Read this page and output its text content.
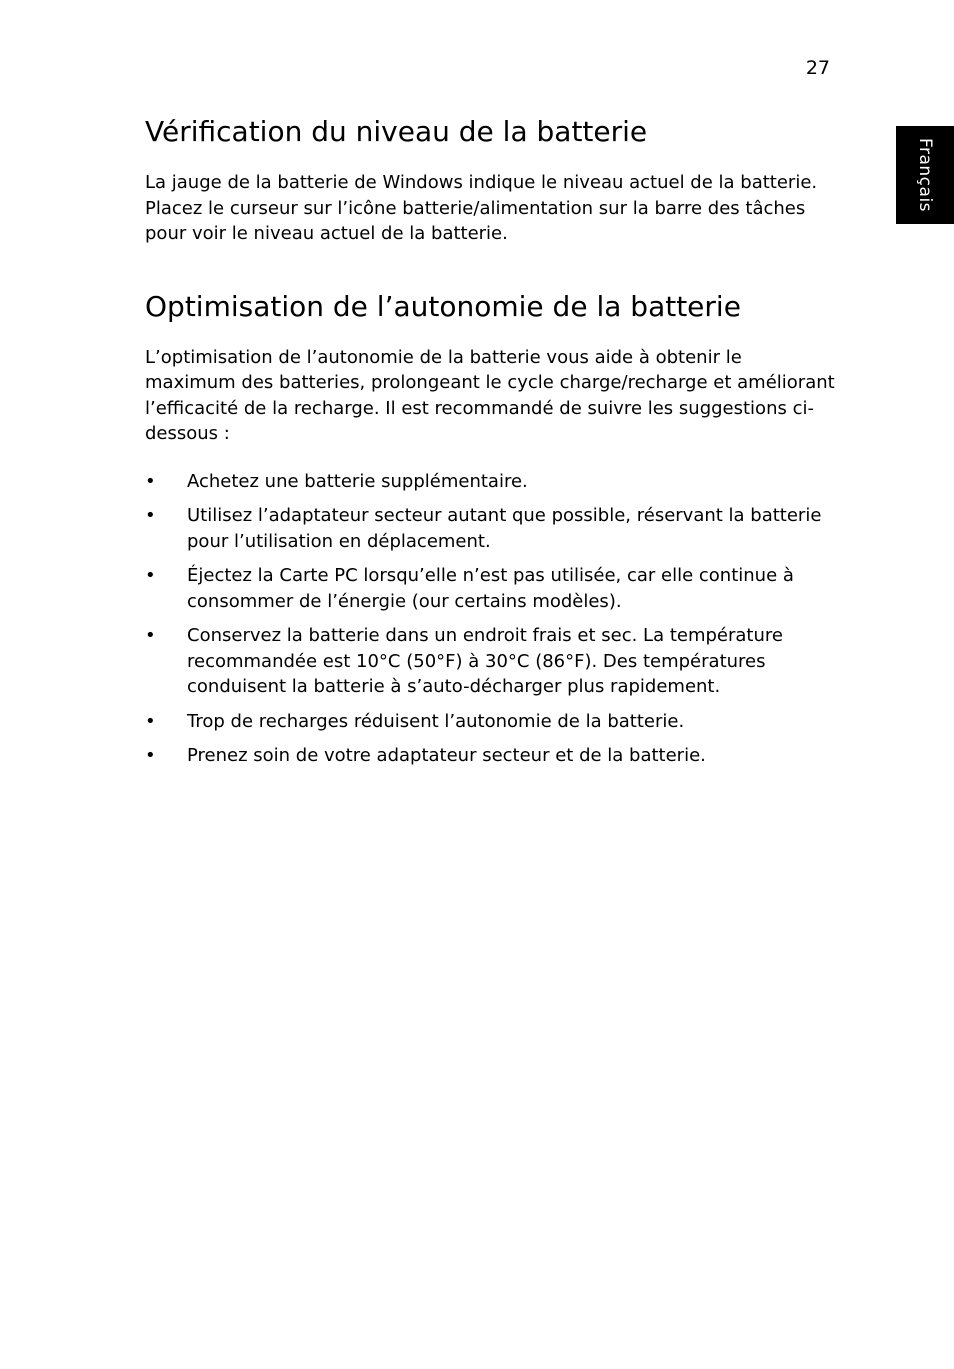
27
Français
Vérification du niveau de la batterie

La jauge de la batterie de Windows indique le niveau actuel de la batterie. Placez le curseur sur l’icône batterie/alimentation sur la barre des tâches pour voir le niveau actuel de la batterie.

Optimisation de l’autonomie de la batterie

L’optimisation de l’autonomie de la batterie vous aide à obtenir le maximum des batteries, prolongeant le cycle charge/recharge et améliorant l’efficacité de la recharge. Il est recommandé de suivre les suggestions ci-dessous :

• Achetez une batterie supplémentaire.
• Utilisez l’adaptateur secteur autant que possible, réservant la batterie pour l’utilisation en déplacement.
• Éjectez la Carte PC lorsqu’elle n’est pas utilisée, car elle continue à consommer de l’énergie (our certains modèles).
• Conservez la batterie dans un endroit frais et sec. La température recommandée est 10°C (50°F) à 30°C (86°F). Des températures conduisent la batterie à s’auto-décharger plus rapidement.
• Trop de recharges réduisent l’autonomie de la batterie.
• Prenez soin de votre adaptateur secteur et de la batterie.
